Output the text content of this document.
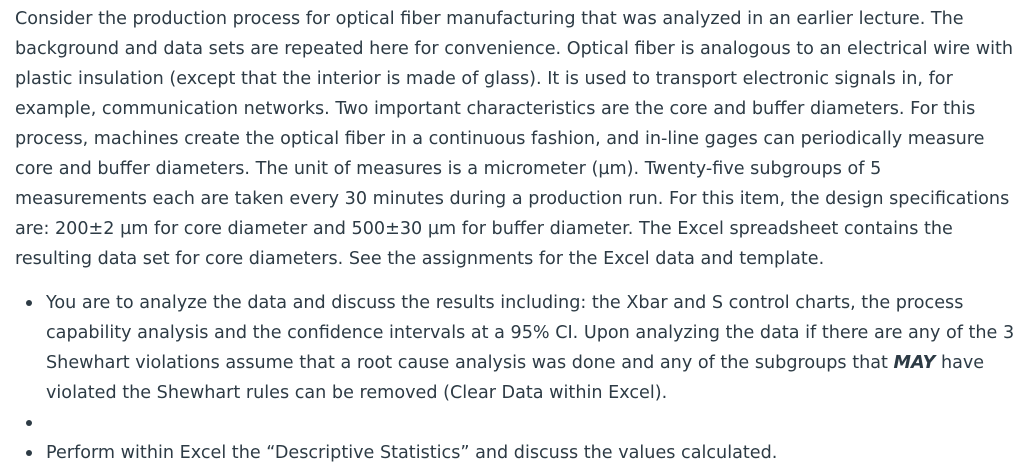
Consider the production process for optical fiber manufacturing that was analyzed in an earlier lecture. The background and data sets are repeated here for convenience. Optical fiber is analogous to an electrical wire with plastic insulation (except that the interior is made of glass). It is used to transport electronic signals in, for example, communication networks. Two important characteristics are the core and buffer diameters. For this process, machines create the optical fiber in a continuous fashion, and in-line gages can periodically measure core and buffer diameters. The unit of measures is a micrometer (µm). Twenty-five subgroups of 5 measurements each are taken every 30 minutes during a production run. For this item, the design specifications are: 200±2 µm for core diameter and 500±30 µm for buffer diameter. The Excel spreadsheet contains the resulting data set for core diameters. See the assignments for the Excel data and template.

You are to analyze the data and discuss the results including: the Xbar and S control charts, the process capability analysis and the confidence intervals at a 95% CI. Upon analyzing the data if there are any of the 3 Shewhart violations assume that a root cause analysis was done and any of the subgroups that MAY have violated the Shewhart rules can be removed (Clear Data within Excel).
Perform within Excel the “Descriptive Statistics” and discuss the values calculated.
